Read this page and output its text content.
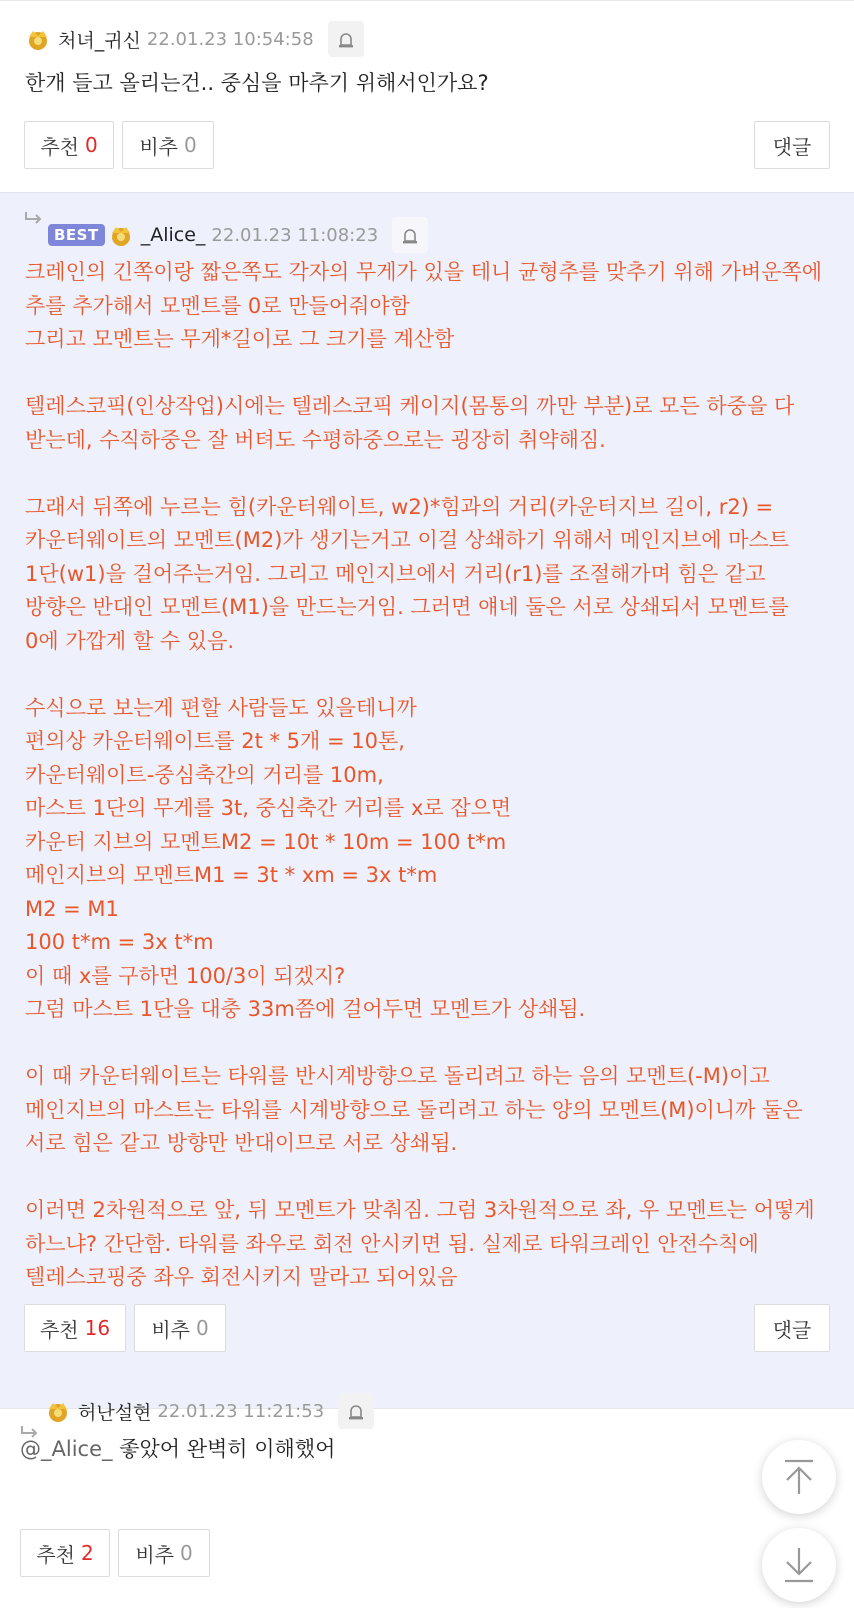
처녀_귀신 22.01.23 10:54:58
한개 들고 올리는건.. 중심을 마추기 위해서인가요?
추천 0 비추 0	댓글
BEST	_Alice_ 22.01.23 11:08:23
크레인의 긴쪽이랑 짧은쪽도 각자의 무게가 있을 테니 균형추를 맞추기 위해 가벼운쪽에 추를 추가해서 모멘트를 0로 만들어줘야함
그리고 모멘트는 무게*길이로 그 크기를 계산함

텔레스코픽(인상작업)시에는 텔레스코픽 케이지(몸통의 까만 부분)로 모든 하중을 다 받는데, 수직하중은 잘 버텨도 수평하중으로는 굉장히 취약해짐.

그래서 뒤쪽에 누르는 힘(카운터웨이트, w2)*힘과의 거리(카운터지브 길이, r2) = 카운터웨이트의 모멘트(M2)가 생기는거고 이걸 상쇄하기 위해서 메인지브에 마스트 1단(w1)을 걸어주는거임. 그리고 메인지브에서 거리(r1)를 조절해가며 힘은 같고 방향은 반대인 모멘트(M1)을 만드는거임. 그러면 얘네 둘은 서로 상쇄되서 모멘트를 0에 가깝게 할 수 있음.

수식으로 보는게 편할 사람들도 있을테니까
편의상 카운터웨이트를 2t * 5개 = 10톤,
카운터웨이트-중심축간의 거리를 10m,
마스트 1단의 무게를 3t, 중심축간 거리를 x로 잡으면
카운터 지브의 모멘트M2 = 10t * 10m = 100 t*m
메인지브의 모멘트M1 = 3t * xm = 3x t*m
M2 = M1
100 t*m = 3x t*m
이 때 x를 구하면 100/3이 되겠지?
그럼 마스트 1단을 대충 33m쯤에 걸어두면 모멘트가 상쇄됨.

이 때 카운터웨이트는 타워를 반시계방향으로 돌리려고 하는 음의 모멘트(-M)이고 메인지브의 마스트는 타워를 시계방향으로 돌리려고 하는 양의 모멘트(M)이니까 둘은 서로 힘은 같고 방향만 반대이므로 서로 상쇄됨.

이러면 2차원적으로 앞, 뒤 모멘트가 맞춰짐. 그럼 3차원적으로 좌, 우 모멘트는 어떻게 하느냐? 간단함. 타워를 좌우로 회전 안시키면 됨. 실제로 타워크레인 안전수칙에 텔레스코핑중 좌우 회전시키지 말라고 되어있음
추천 16 비추 0	댓글
허난설현 22.01.23 11:21:53
@_Alice_ 좋았어 완벽히 이해했어
추천 2 비추 0
